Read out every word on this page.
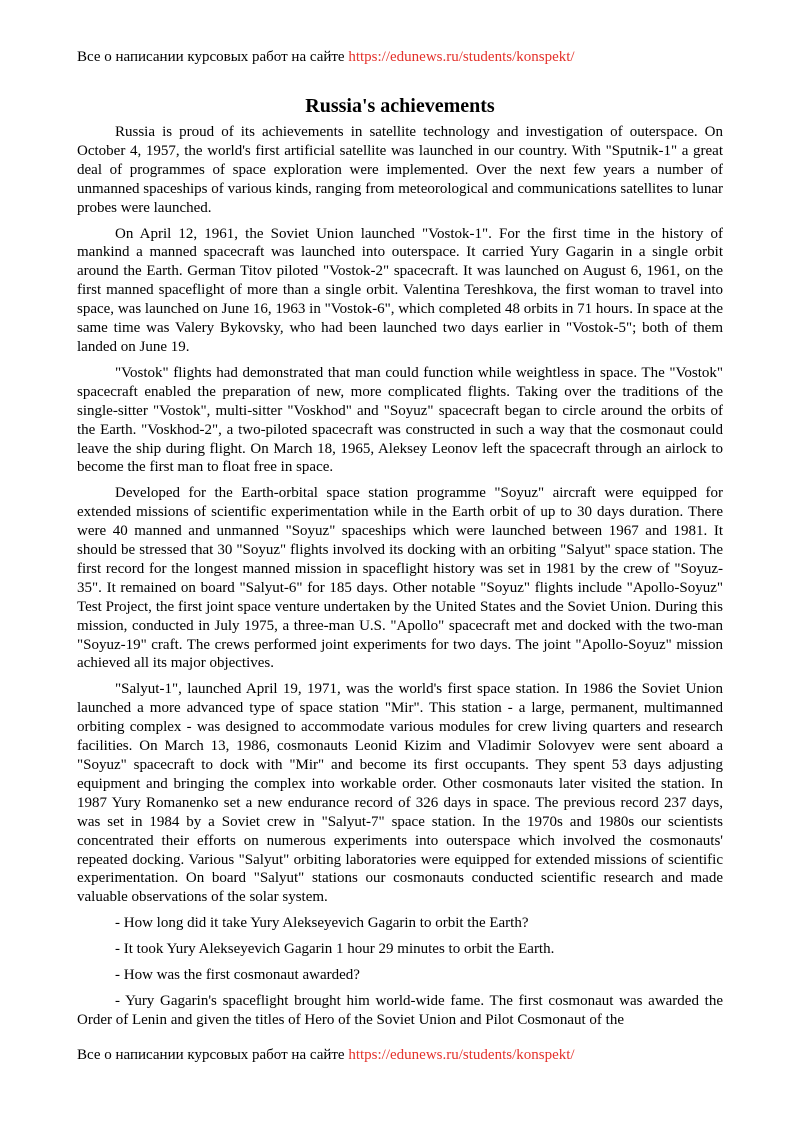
Все о написании курсовых работ на сайте https://edunews.ru/students/konspekt/
Russia's achievements

Russia is proud of its achievements in satellite technology and investigation of outerspace. On October 4, 1957, the world's first artificial satellite was launched in our country. With "Sputnik-1" a great deal of programmes of space exploration were implemented. Over the next few years a number of unmanned spaceships of various kinds, ranging from meteorological and communications satellites to lunar probes were launched.

On April 12, 1961, the Soviet Union launched "Vostok-1". For the first time in the history of mankind a manned spacecraft was launched into outerspace. It carried Yury Gagarin in a single orbit around the Earth. German Titov piloted "Vostok-2" spacecraft. It was launched on August 6, 1961, on the first manned spaceflight of more than a single orbit. Valentina Tereshkova, the first woman to travel into space, was launched on June 16, 1963 in "Vostok-6", which completed 48 orbits in 71 hours. In space at the same time was Valery Bykovsky, who had been launched two days earlier in "Vostok-5"; both of them landed on June 19.

"Vostok" flights had demonstrated that man could function while weightless in space. The "Vostok" spacecraft enabled the preparation of new, more complicated flights. Taking over the traditions of the single-sitter "Vostok", multi-sitter "Voskhod" and "Soyuz" spacecraft began to circle around the orbits of the Earth. "Voskhod-2", a two-piloted spacecraft was constructed in such a way that the cosmonaut could leave the ship during flight. On March 18, 1965, Aleksey Leonov left the spacecraft through an airlock to become the first man to float free in space.

Developed for the Earth-orbital space station programme "Soyuz" aircraft were equipped for extended missions of scientific experimentation while in the Earth orbit of up to 30 days duration. There were 40 manned and unmanned "Soyuz" spaceships which were launched between 1967 and 1981. It should be stressed that 30 "Soyuz" flights involved its docking with an orbiting "Salyut" space station. The first record for the longest manned mission in spaceflight history was set in 1981 by the crew of "Soyuz-35". It remained on board "Salyut-6" for 185 days. Other notable "Soyuz" flights include "Apollo-Soyuz" Test Project, the first joint space venture undertaken by the United States and the Soviet Union. During this mission, conducted in July 1975, a three-man U.S. "Apollo" spacecraft met and docked with the two-man "Soyuz-19" craft. The crews performed joint experiments for two days. The joint "Apollo-Soyuz" mission achieved all its major objectives.

"Salyut-1", launched April 19, 1971, was the world's first space station. In 1986 the Soviet Union launched a more advanced type of space station "Mir". This station - a large, permanent, multimanned orbiting complex - was designed to accommodate various modules for crew living quarters and research facilities. On March 13, 1986, cosmonauts Leonid Kizim and Vladimir Solovyev were sent aboard a "Soyuz" spacecraft to dock with "Mir" and become its first occupants. They spent 53 days adjusting equipment and bringing the complex into workable order. Other cosmonauts later visited the station. In 1987 Yury Romanenko set a new endurance record of 326 days in space. The previous record 237 days, was set in 1984 by a Soviet crew in "Salyut-7" space station. In the 1970s and 1980s our scientists concentrated their efforts on numerous experiments into outerspace which involved the cosmonauts' repeated docking. Various "Salyut" orbiting laboratories were equipped for extended missions of scientific experimentation. On board "Salyut" stations our cosmonauts conducted scientific research and made valuable observations of the solar system.

- How long did it take Yury Alekseyevich Gagarin to orbit the Earth?

- It took Yury Alekseyevich Gagarin 1 hour 29 minutes to orbit the Earth.

- How was the first cosmonaut awarded?

- Yury Gagarin's spaceflight brought him world-wide fame. The first cosmonaut was awarded the Order of Lenin and given the titles of Hero of the Soviet Union and Pilot Cosmonaut of the

Все о написании курсовых работ на сайте https://edunews.ru/students/konspekt/
